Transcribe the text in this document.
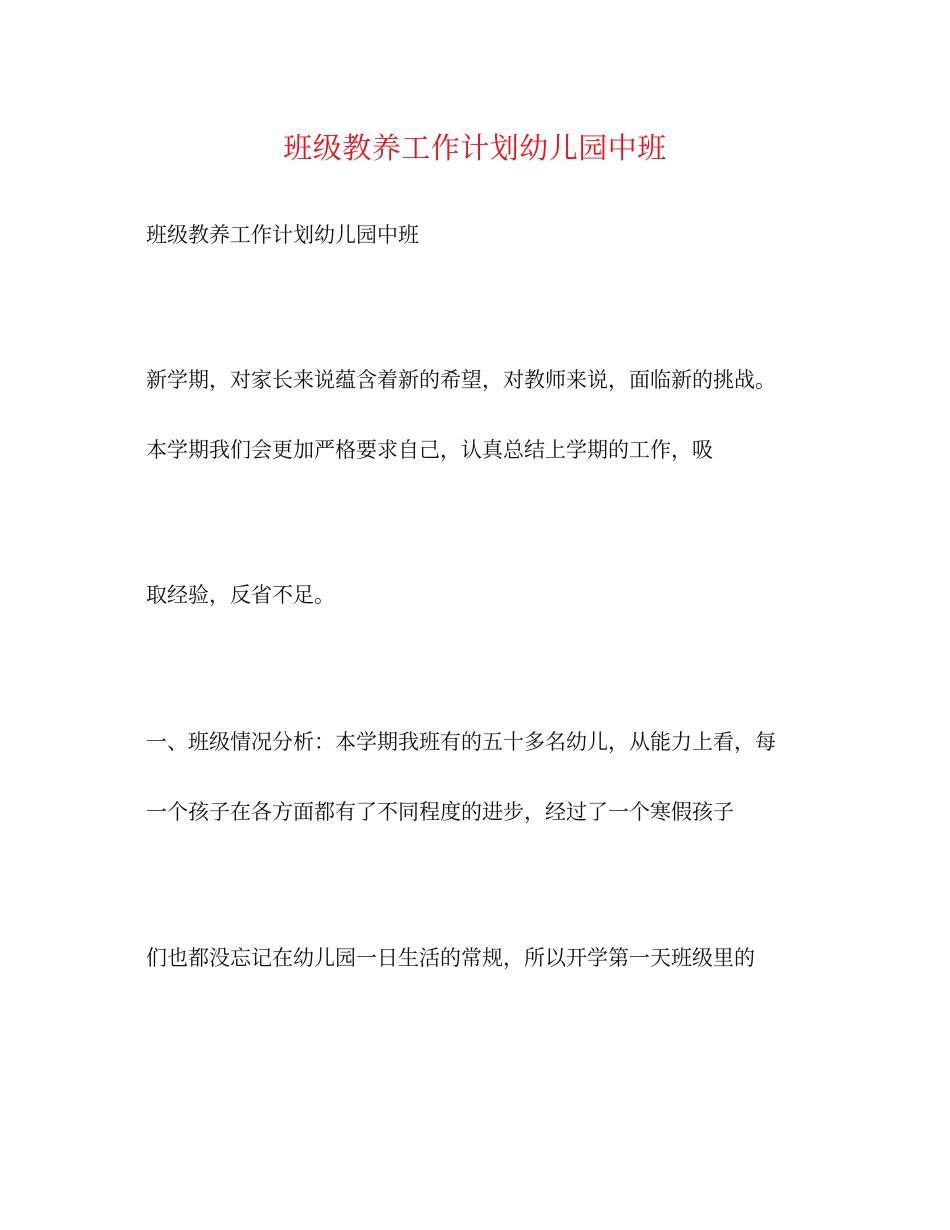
班级教养工作计划幼儿园中班
班级教养工作计划幼儿园中班
新学期，对家长来说蕴含着新的希望，对教师来说，面临新的挑战。
本学期我们会更加严格要求自己，认真总结上学期的工作，吸
取经验，反省不足。
一、班级情况分析：本学期我班有的五十多名幼儿，从能力上看，每
一个孩子在各方面都有了不同程度的进步，经过了一个寒假孩子
们也都没忘记在幼儿园一日生活的常规，所以开学第一天班级里的
